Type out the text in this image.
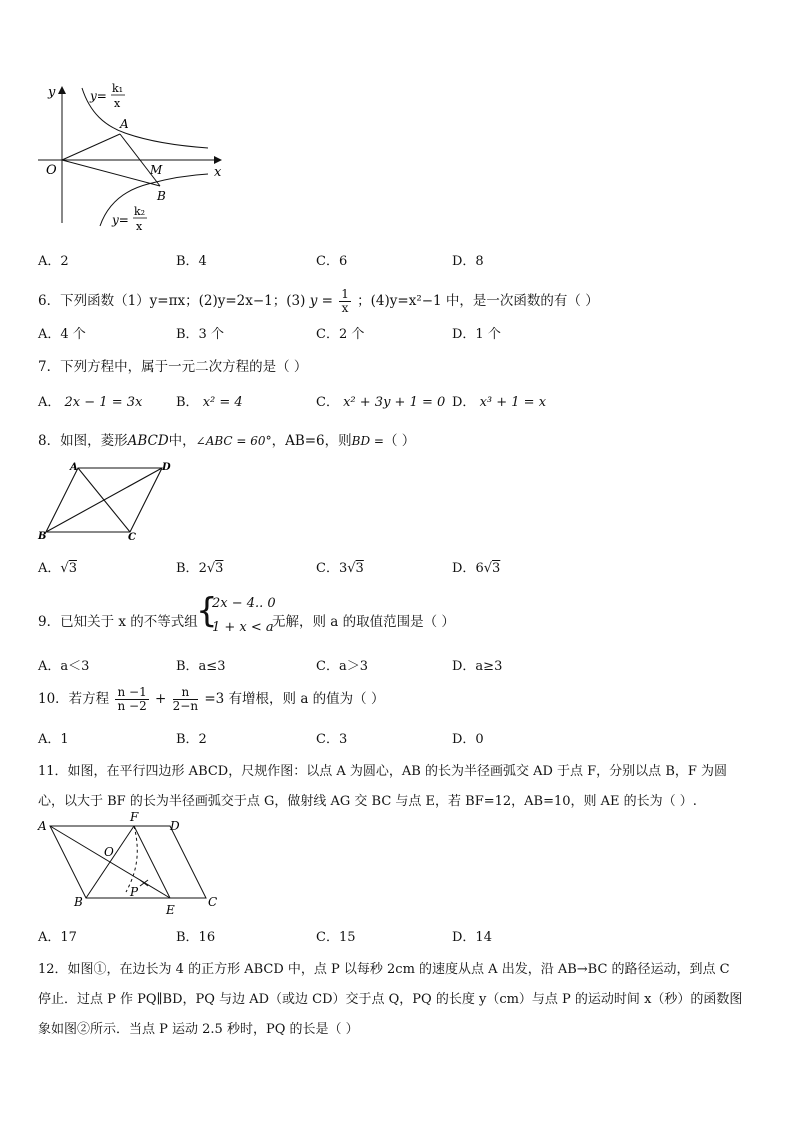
y
x
O
A
M
B
y=
k₁
x
y=
k₂
x
A．2	B．4	C．6	D．8
6．下列函数（1）y=πx；(2)y=2x−1；(3) $y = \frac{1}{x}$ ；(4)y=x²−1 中，是一次函数的有（ ）
A．4 个	B．3 个	C．2 个	D．1 个
7．下列方程中，属于一元二次方程的是（ ）
A． 2x − 1 = 3x	B． x² = 4	C． x² + 3y + 1 = 0 D． x³ + 1 = x
8．如图，菱形ABCD中，∠ABC = 60°，AB=6，则BD =（ ）
A	D
B	C
A．√3	B．2√3	C．3√3	D．6√3
9．已知关于 x 的不等式组
{
2x − 4.. 0
1 + x < a
无解，则 a 的取值范围是（ ）
A．a＜3	B．a≤3	C．a＞3	D．a≥3
10．若方程 $\frac{n -1}{n -2} + \frac{n}{2-n} =3$ 有增根，则 a 的值为（ ）
A．1	B．2	C．3	D．0
11．如图，在平行四边形 ABCD，尺规作图：以点 A 为圆心，AB 的长为半径画弧交 AD 于点 F，分别以点 B，F 为圆
心，以大于 BF 的长为半径画弧交于点 G，做射线 AG 交 BC 与点 E，若 BF=12，AB=10，则 AE 的长为（ ）.
A
F
D
O
P
B
E
C
A．17	B．16	C．15	D．14
12．如图①，在边长为 4 的正方形 ABCD 中，点 P 以每秒 2cm 的速度从点 A 出发，沿 AB→BC 的路径运动，到点 C
停止．过点 P 作 PQ∥BD，PQ 与边 AD（或边 CD）交于点 Q，PQ 的长度 y（cm）与点 P 的运动时间 x（秒）的函数图
象如图②所示．当点 P 运动 2.5 秒时，PQ 的长是（ ）
